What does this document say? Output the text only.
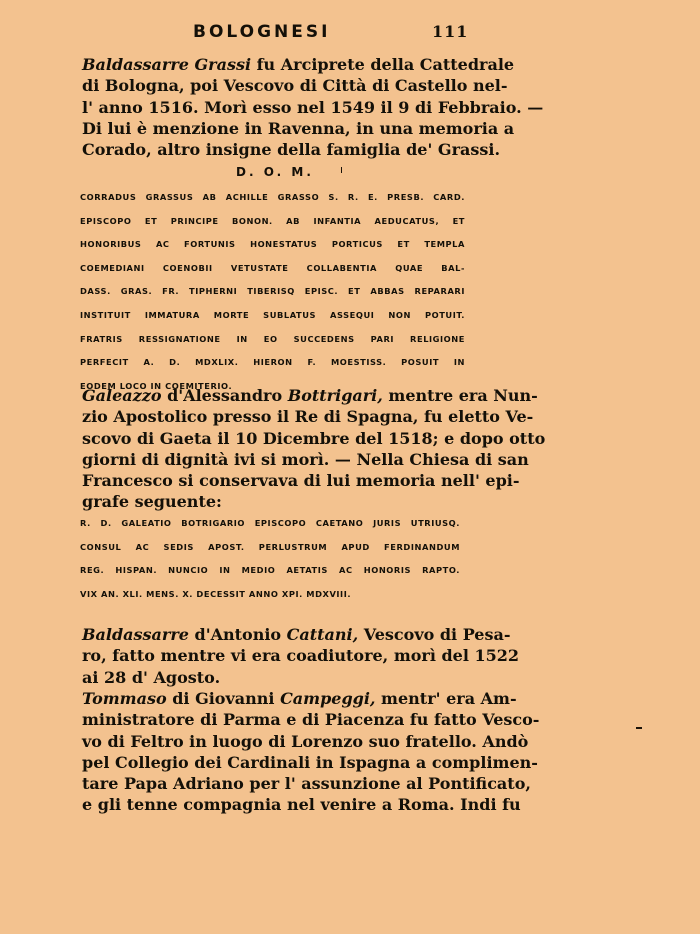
BOLOGNESI	111
Baldassarre Grassi fu Arciprete della Cattedrale
di Bologna, poi Vescovo di Città di Castello nel-
l' anno 1516. Morì esso nel 1549 il 9 di Febbraio. —
Di lui è menzione in Ravenna, in una memoria a
Corado, altro insigne della famiglia de' Grassi.
D. O. M.
CORRADUS GRASSUS AB ACHILLE GRASSO S. R. E. PRESB. CARD.
EPISCOPO ET PRINCIPE BONON. AB INFANTIA AEDUCATUS, ET
HONORIBUS AC FORTUNIS HONESTATUS PORTICUS ET TEMPLA
COEMEDIANI COENOBII VETUSTATE COLLABENTIA QUAE BAL-
DASS. GRAS. FR. TIPHERNI TIBERISQ EPISC. ET ABBAS REPARARI
INSTITUIT IMMATURA MORTE SUBLATUS ASSEQUI NON POTUIT.
FRATRIS RESSIGNATIONE IN EO SUCCEDENS PARI RELIGIONE
PERFECIT A. D. MDXLIX. HIERON F. MOESTISS. POSUIT IN
EODEM LOCO IN COEMITERIO.
Galeazzo d'Alessandro Bottrigari, mentre era Nun-
zio Apostolico presso il Re di Spagna, fu eletto Ve-
scovo di Gaeta il 10 Dicembre del 1518; e dopo otto
giorni di dignità ivi si morì. — Nella Chiesa di san
Francesco si conservava di lui memoria nell' epi-
grafe seguente:
R. D. GALEATIO BOTRIGARIO EPISCOPO CAETANO JURIS UTRIUSQ.
CONSUL AC SEDIS APOST. PERLUSTRUM APUD FERDINANDUM
REG. HISPAN. NUNCIO IN MEDIO AETATIS AC HONORIS RAPTO.
VIX AN. XLI. MENS. X. DECESSIT ANNO XPI. MDXVIII.
Baldassarre d'Antonio Cattani, Vescovo di Pesa-
ro, fatto mentre vi era coadiutore, morì del 1522
ai 28 d' Agosto.
Tommaso di Giovanni Campeggi, mentr' era Am-
ministratore di Parma e di Piacenza fu fatto Vesco-
vo di Feltro in luogo di Lorenzo suo fratello. Andò
pel Collegio dei Cardinali in Ispagna a complimen-
tare Papa Adriano per l' assunzione al Pontificato,
e gli tenne compagnia nel venire a Roma. Indi fu
